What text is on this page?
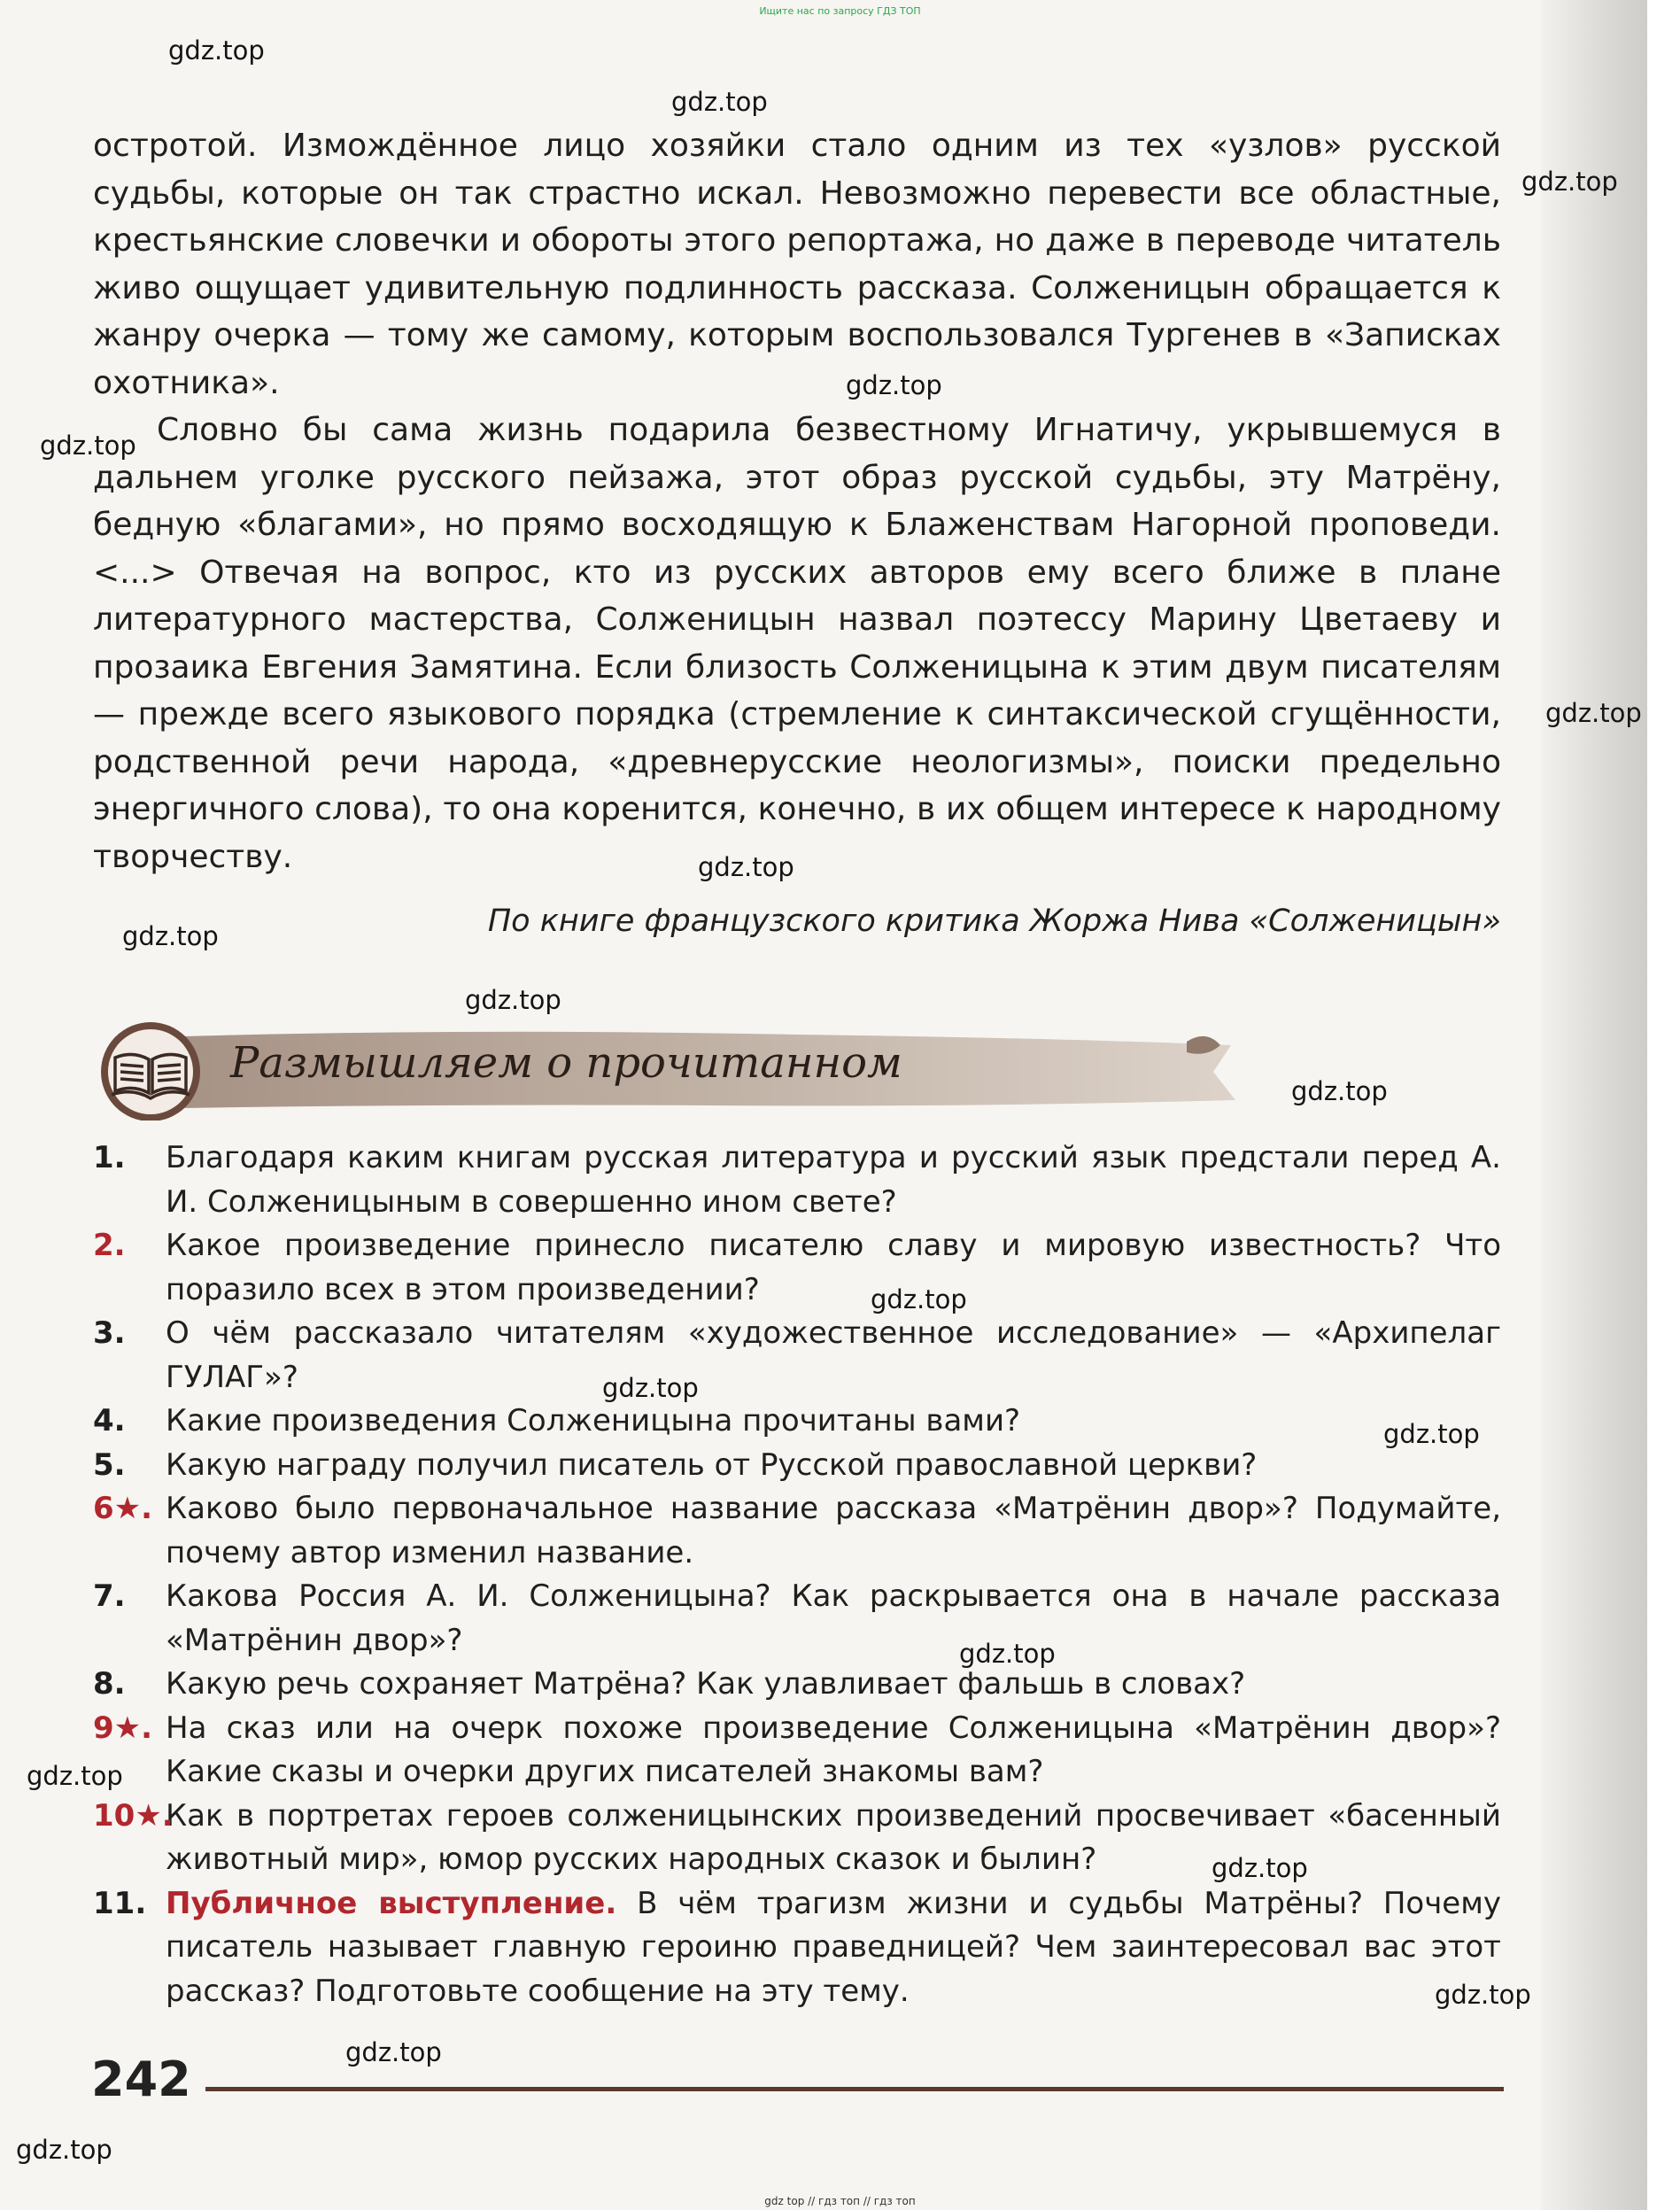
Ищите нас по запросу ГДЗ ТОП

остротой. Измождённое лицо хозяйки стало одним из тех «узлов» русской судьбы, которые он так страстно искал. Невозможно перевести все областные, крестьянские словечки и обороты этого репортажа, но даже в переводе читатель живо ощущает удивительную подлинность рассказа. Солженицын обращается к жанру очерка — тому же самому, которым воспользовался Тургенев в «Записках охотника».

Словно бы сама жизнь подарила безвестному Игнатичу, укрывшемуся в дальнем уголке русского пейзажа, этот образ русской судьбы, эту Матрёну, бедную «благами», но прямо восходящую к Блаженствам Нагорной проповеди. <...> Отвечая на вопрос, кто из русских авторов ему всего ближе в плане литературного мастерства, Солженицын назвал поэтессу Марину Цветаеву и прозаика Евгения Замятина. Если близость Солженицына к этим двум писателям — прежде всего языкового порядка (стремление к синтаксической сгущённости, родственной речи народа, «древнерусские неологизмы», поиски предельно энергичного слова), то она коренится, конечно, в их общем интересе к народному творчеству.

По книге французского критика Жоржа Нива «Солженицын»
Размышляем о прочитанном
1. Благодаря каким книгам русская литература и русский язык предстали перед А. И. Солженицыным в совершенно ином свете?
2. Какое произведение принесло писателю славу и мировую известность? Что поразило всех в этом произведении?
3. О чём рассказало читателям «художественное исследование» — «Архипелаг ГУЛАГ»?
4. Какие произведения Солженицына прочитаны вами?
5. Какую награду получил писатель от Русской православной церкви?
6★. Каково было первоначальное название рассказа «Матрёнин двор»? Подумайте, почему автор изменил название.
7. Какова Россия А. И. Солженицына? Как раскрывается она в начале рассказа «Матрёнин двор»?
8. Какую речь сохраняет Матрёна? Как улавливает фальшь в словах?
9★. На сказ или на очерк похоже произведение Солженицына «Матрёнин двор»? Какие сказы и очерки других писателей знакомы вам?
10★.
Как в портретах героев солженицынских произведений просвечивает «басенный животный мир», юмор русских народных сказок и былин?
11. Публичное выступление. В чём трагизм жизни и судьбы Матрёны? Почему писатель называет главную героиню праведницей? Чем заинтересовал вас этот рассказ? Подготовьте сообщение на эту тему.
242
gdz top // гдз топ // гдз топ
gdz.top
gdz.top
gdz.top
gdz.top
gdz.top
gdz.top
gdz.top
gdz.top
gdz.top
gdz.top
gdz.top
gdz.top
gdz.top
gdz.top
gdz.top
gdz.top
gdz.top
gdz.top
gdz.top
